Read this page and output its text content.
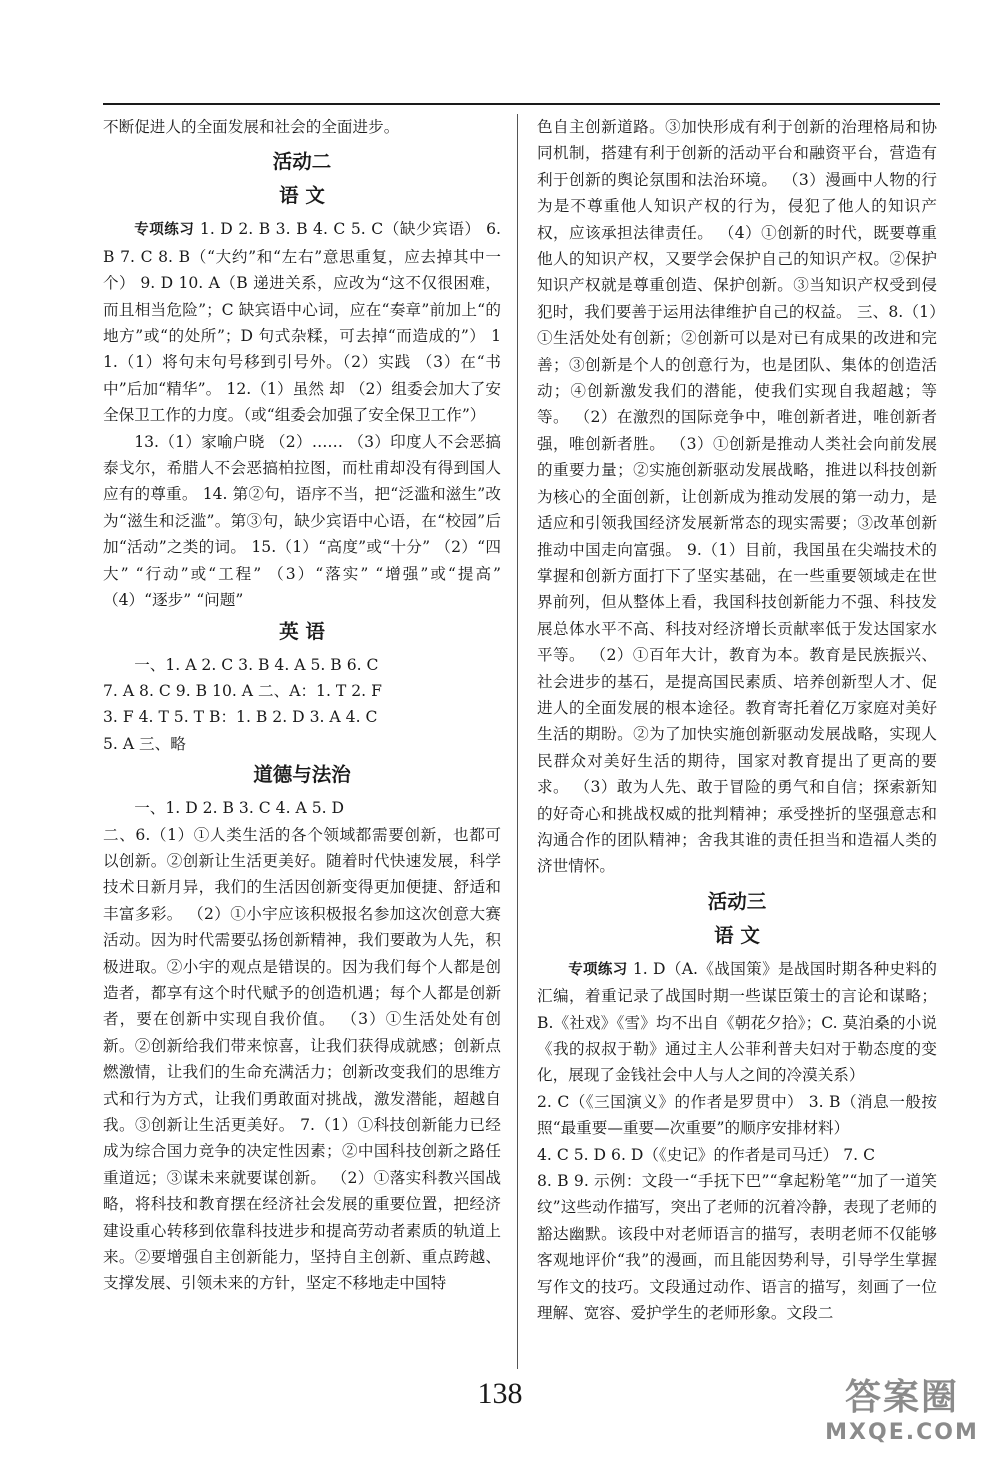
不断促进人的全面发展和社会的全面进步。

活动二
语 文

专项练习 1. D 2. B 3. B 4. C 5. C（缺少宾语） 6. B 7. C 8. B（“大约”和“左右”意思重复，应去掉其中一个） 9. D 10. A（B 递进关系，应改为“这不仅很困难，而且相当危险”；C 缺宾语中心词，应在“奏章”前加上“的地方”或“的处所”；D 句式杂糅，可去掉“而造成的”） 11.（1）将句末句号移到引号外。（2）实践 （3）在“书中”后加“精华”。 12.（1）虽然 却 （2）组委会加大了安全保卫工作的力度。（或“组委会加强了安全保卫工作”）

13.（1）家喻户晓 （2）…… （3）印度人不会恶搞泰戈尔，希腊人不会恶搞柏拉图，而杜甫却没有得到国人应有的尊重。 14. 第②句，语序不当，把“泛滥和滋生”改为“滋生和泛滥”。第③句，缺少宾语中心语，在“校园”后加“活动”之类的词。 15.（1）“高度”或“十分” （2）“四大” “行动”或“工程” （3）“落实” “增强”或“提高” （4）“逐步” “问题”

英 语

一、1. A 2. C 3. B 4. A 5. B 6. C

7. A 8. C 9. B 10. A 二、A：1. T 2. F

3. F 4. T 5. T B：1. B 2. D 3. A 4. C

5. A 三、略

道德与法治

一、1. D 2. B 3. C 4. A 5. D

二、6.（1）①人类生活的各个领域都需要创新，也都可以创新。②创新让生活更美好。随着时代快速发展，科学技术日新月异，我们的生活因创新变得更加便捷、舒适和丰富多彩。 （2）①小宇应该积极报名参加这次创意大赛活动。因为时代需要弘扬创新精神，我们要敢为人先，积极进取。②小宇的观点是错误的。因为我们每个人都是创造者，都享有这个时代赋予的创造机遇；每个人都是创新者，要在创新中实现自我价值。 （3）①生活处处有创新。②创新给我们带来惊喜，让我们获得成就感；创新点燃激情，让我们的生命充满活力；创新改变我们的思维方式和行为方式，让我们勇敢面对挑战，激发潜能，超越自我。③创新让生活更美好。 7.（1）①科技创新能力已经成为综合国力竞争的决定性因素；②中国科技创新之路任重道远；③谋未来就要谋创新。 （2）①落实科教兴国战略，将科技和教育摆在经济社会发展的重要位置，把经济建设重心转移到依靠科技进步和提高劳动者素质的轨道上来。②要增强自主创新能力，坚持自主创新、重点跨越、支撑发展、引领未来的方针，坚定不移地走中国特

色自主创新道路。③加快形成有利于创新的治理格局和协同机制，搭建有利于创新的活动平台和融资平台，营造有利于创新的舆论氛围和法治环境。 （3）漫画中人物的行为是不尊重他人知识产权的行为，侵犯了他人的知识产权，应该承担法律责任。 （4）①创新的时代，既要尊重他人的知识产权，又要学会保护自己的知识产权。②保护知识产权就是尊重创造、保护创新。③当知识产权受到侵犯时，我们要善于运用法律维护自己的权益。 三、8.（1）①生活处处有创新；②创新可以是对已有成果的改进和完善；③创新是个人的创意行为，也是团队、集体的创造活动；④创新激发我们的潜能，使我们实现自我超越；等等。 （2）在激烈的国际竞争中，唯创新者进，唯创新者强，唯创新者胜。 （3）①创新是推动人类社会向前发展的重要力量；②实施创新驱动发展战略，推进以科技创新为核心的全面创新，让创新成为推动发展的第一动力，是适应和引领我国经济发展新常态的现实需要；③改革创新推动中国走向富强。 9.（1）目前，我国虽在尖端技术的掌握和创新方面打下了坚实基础，在一些重要领域走在世界前列，但从整体上看，我国科技创新能力不强、科技发展总体水平不高、科技对经济增长贡献率低于发达国家水平等。 （2）①百年大计，教育为本。教育是民族振兴、社会进步的基石，是提高国民素质、培养创新型人才、促进人的全面发展的根本途径。教育寄托着亿万家庭对美好生活的期盼。②为了加快实施创新驱动发展战略，实现人民群众对美好生活的期待，国家对教育提出了更高的要求。 （3）敢为人先、敢于冒险的勇气和自信；探索新知的好奇心和挑战权威的批判精神；承受挫折的坚强意志和沟通合作的团队精神；舍我其谁的责任担当和造福人类的济世情怀。

活动三
语 文

专项练习 1. D（A.《战国策》是战国时期各种史料的汇编，着重记录了战国时期一些谋臣策士的言论和谋略；B.《社戏》《雪》均不出自《朝花夕拾》；C. 莫泊桑的小说《我的叔叔于勒》通过主人公菲利普夫妇对于勒态度的变化，展现了金钱社会中人与人之间的冷漠关系）

2. C（《三国演义》的作者是罗贯中） 3. B（消息一般按照“最重要—重要—次重要”的顺序安排材料）

4. C 5. D 6. D（《史记》的作者是司马迁） 7. C

8. B 9. 示例：文段一“手抚下巴”“拿起粉笔”“加了一道笑纹”这些动作描写，突出了老师的沉着冷静，表现了老师的豁达幽默。该段中对老师语言的描写，表明老师不仅能够客观地评价“我”的漫画，而且能因势利导，引导学生掌握写作文的技巧。文段通过动作、语言的描写，刻画了一位理解、宽容、爱护学生的老师形象。文段二

138	答案圈
MXQE.COM
